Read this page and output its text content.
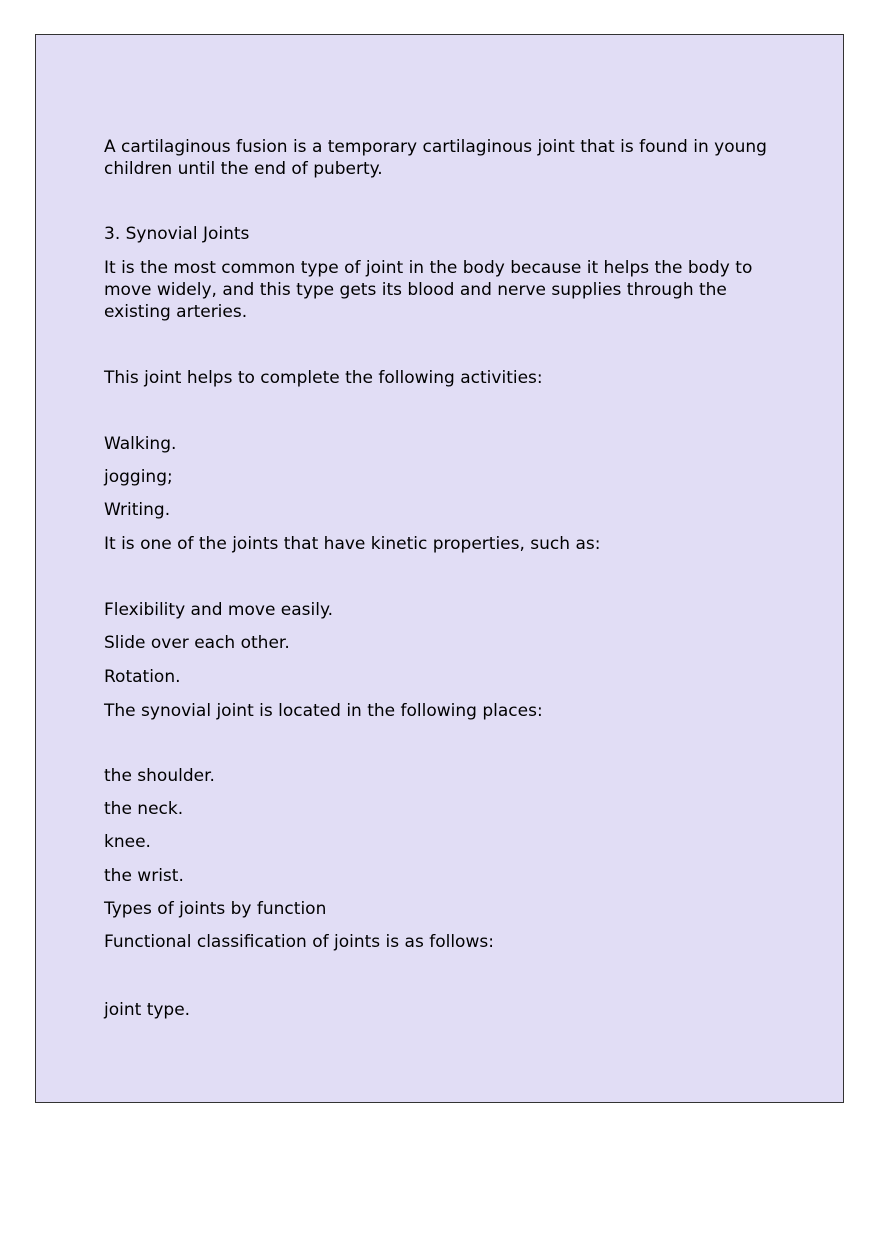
A cartilaginous fusion is a temporary cartilaginous joint that is found in young children until the end of puberty.

3. Synovial Joints

It is the most common type of joint in the body because it helps the body to move widely, and this type gets its blood and nerve supplies through the existing arteries.

This joint helps to complete the following activities:

Walking.

jogging;

Writing.

It is one of the joints that have kinetic properties, such as:

Flexibility and move easily.

Slide over each other.

Rotation.

The synovial joint is located in the following places:

the shoulder.

the neck.

knee.

the wrist.

Types of joints by function

Functional classification of joints is as follows:

joint type.
